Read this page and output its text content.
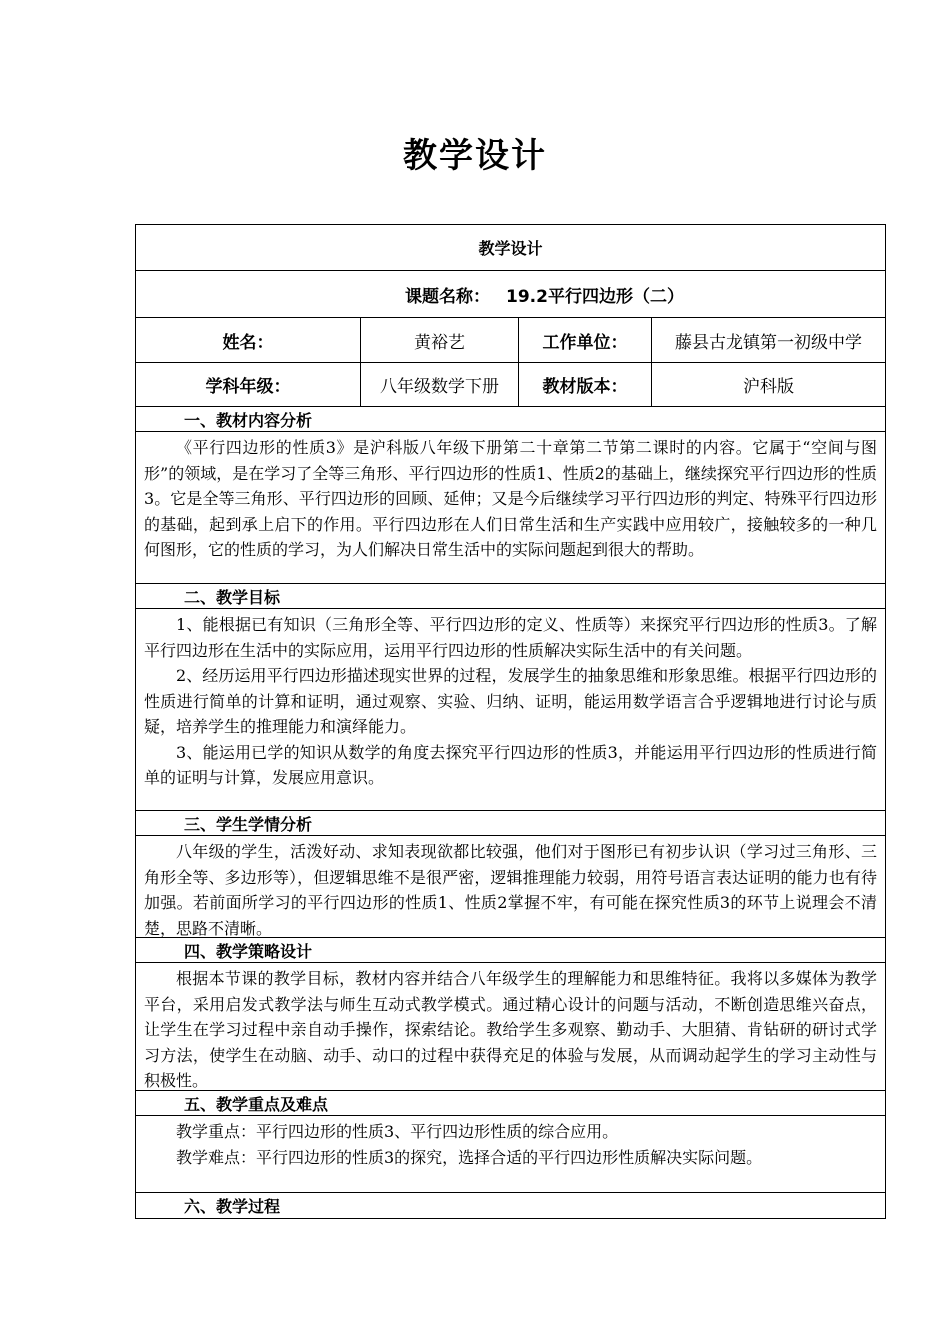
教学设计
教学设计
课题名称： 19.2平行四边形（二）
姓名：	黄裕艺	工作单位：	藤县古龙镇第一初级中学
学科年级：	八年级数学下册	教材版本：	沪科版
一、教材内容分析

《平行四边形的性质3》是沪科版八年级下册第二十章第二节第二课时的内容。它属于“空间与图形”的领域，是在学习了全等三角形、平行四边形的性质1、性质2的基础上，继续探究平行四边形的性质3。它是全等三角形、平行四边形的回顾、延伸；又是今后继续学习平行四边形的判定、特殊平行四边形的基础，起到承上启下的作用。平行四边形在人们日常生活和生产实践中应用较广，接触较多的一种几何图形，它的性质的学习，为人们解决日常生活中的实际问题起到很大的帮助。

二、教学目标

1、能根据已有知识（三角形全等、平行四边形的定义、性质等）来探究平行四边形的性质3。了解平行四边形在生活中的实际应用，运用平行四边形的性质解决实际生活中的有关问题。

2、经历运用平行四边形描述现实世界的过程，发展学生的抽象思维和形象思维。根据平行四边形的性质进行简单的计算和证明，通过观察、实验、归纳、证明，能运用数学语言合乎逻辑地进行讨论与质疑，培养学生的推理能力和演绎能力。

3、能运用已学的知识从数学的角度去探究平行四边形的性质3，并能运用平行四边形的性质进行简单的证明与计算，发展应用意识。

三、学生学情分析

八年级的学生，活泼好动、求知表现欲都比较强，他们对于图形已有初步认识（学习过三角形、三角形全等、多边形等），但逻辑思维不是很严密，逻辑推理能力较弱，用符号语言表达证明的能力也有待加强。若前面所学习的平行四边形的性质1、性质2掌握不牢，有可能在探究性质3的环节上说理会不清楚，思路不清晰。

四、教学策略设计

根据本节课的教学目标，教材内容并结合八年级学生的理解能力和思维特征。我将以多媒体为教学平台，采用启发式教学法与师生互动式教学模式。通过精心设计的问题与活动，不断创造思维兴奋点，让学生在学习过程中亲自动手操作，探索结论。教给学生多观察、勤动手、大胆猜、肯钻研的研讨式学习方法，使学生在动脑、动手、动口的过程中获得充足的体验与发展，从而调动起学生的学习主动性与积极性。

五、教学重点及难点

教学重点：平行四边形的性质3、平行四边形性质的综合应用。

教学难点：平行四边形的性质3的探究，选择合适的平行四边形性质解决实际问题。

六、教学过程
